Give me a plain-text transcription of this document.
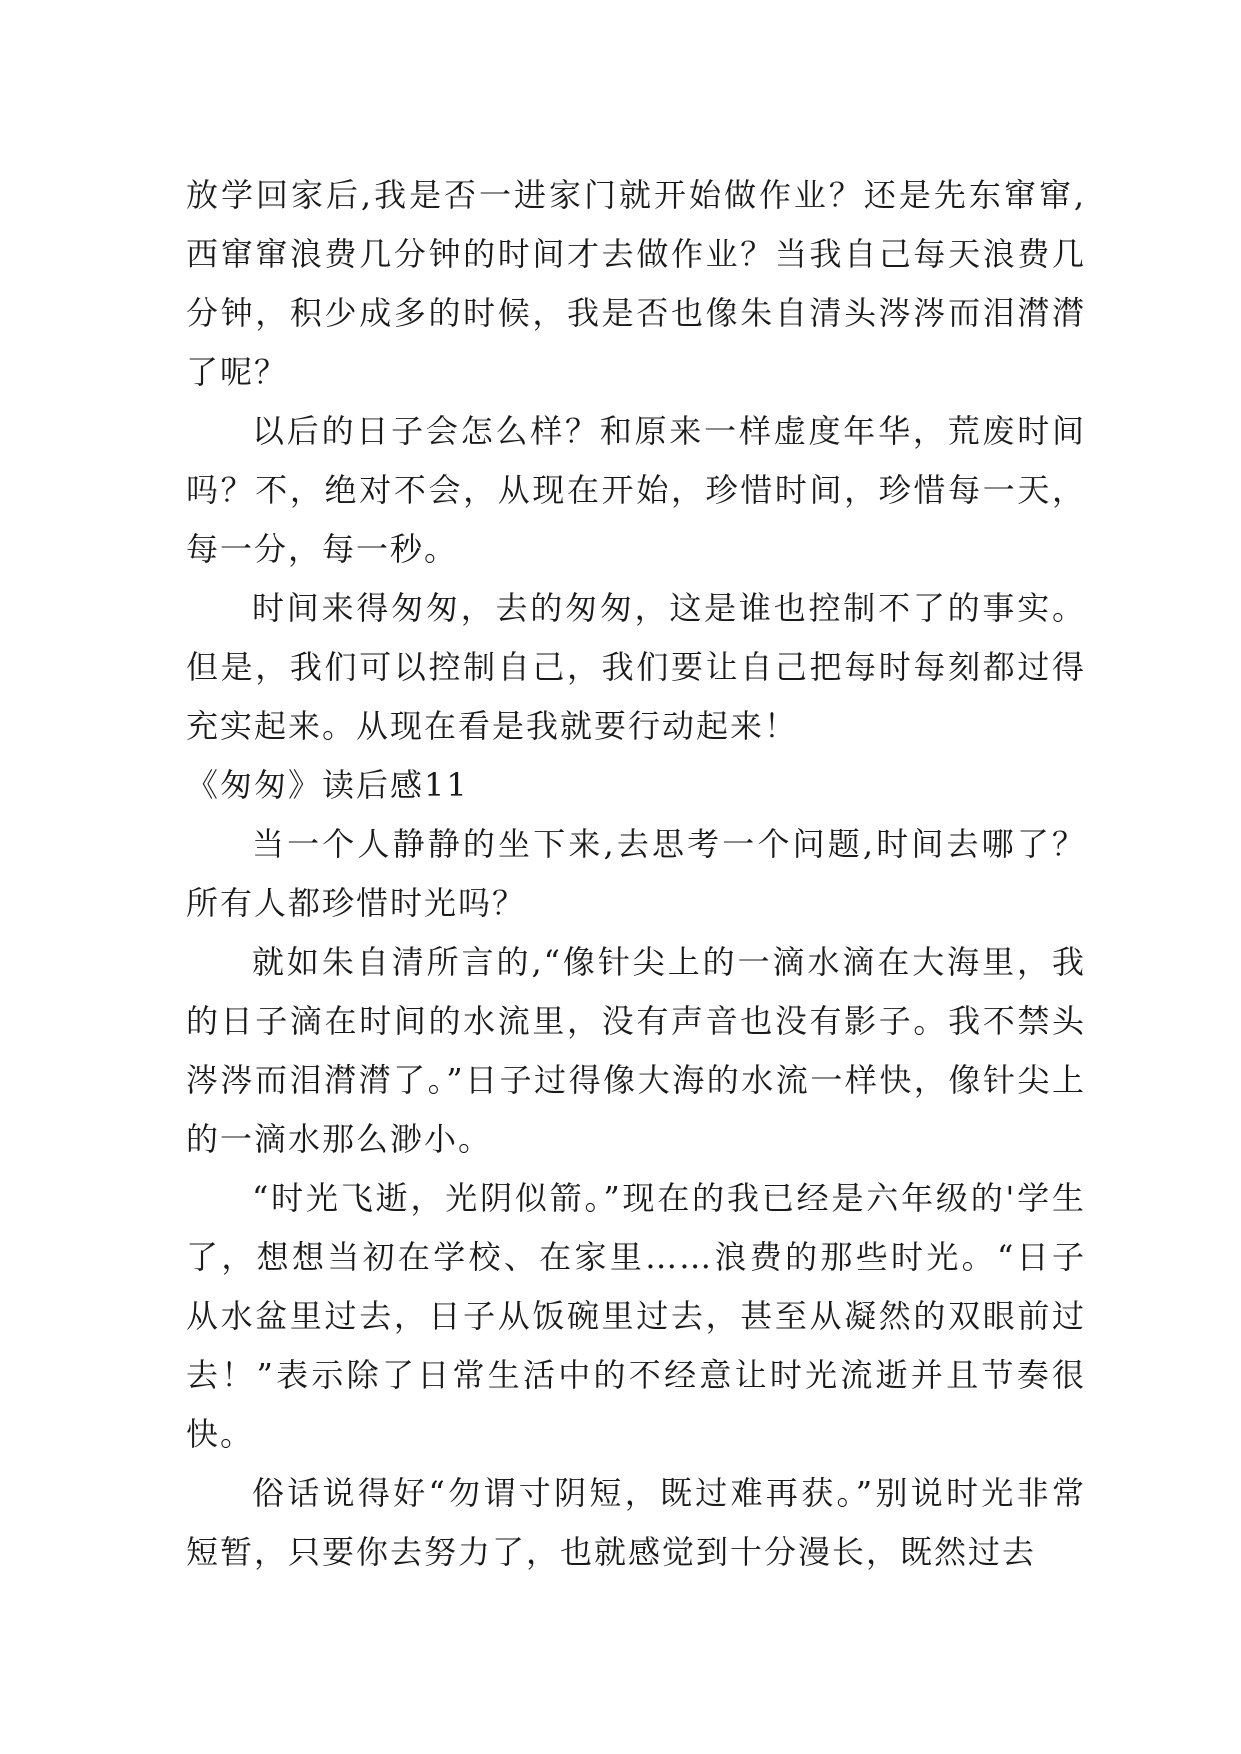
放学回家后,我是否一进家门就开始做作业？还是先东窜窜,西窜窜浪费几分钟的时间才去做作业？当我自己每天浪费几分钟，积少成多的时候，我是否也像朱自清头涔涔而泪潸潸了呢？

以后的日子会怎么样？和原来一样虚度年华，荒废时间吗？不，绝对不会，从现在开始，珍惜时间，珍惜每一天，每一分，每一秒。

时间来得匆匆，去的匆匆，这是谁也控制不了的事实。但是，我们可以控制自己，我们要让自己把每时每刻都过得充实起来。从现在看是我就要行动起来！

《匆匆》读后感11

当一个人静静的坐下来,去思考一个问题,时间去哪了？所有人都珍惜时光吗？

就如朱自清所言的,“像针尖上的一滴水滴在大海里，我的日子滴在时间的水流里，没有声音也没有影子。我不禁头涔涔而泪潸潸了。”日子过得像大海的水流一样快，像针尖上的一滴水那么渺小。

“时光飞逝，光阴似箭。”现在的我已经是六年级的'学生了，想想当初在学校、在家里……浪费的那些时光。“日子从水盆里过去，日子从饭碗里过去，甚至从凝然的双眼前过去！”表示除了日常生活中的不经意让时光流逝并且节奏很快。

俗话说得好“勿谓寸阴短，既过难再获。”别说时光非常短暂，只要你去努力了，也就感觉到十分漫长，既然过去
